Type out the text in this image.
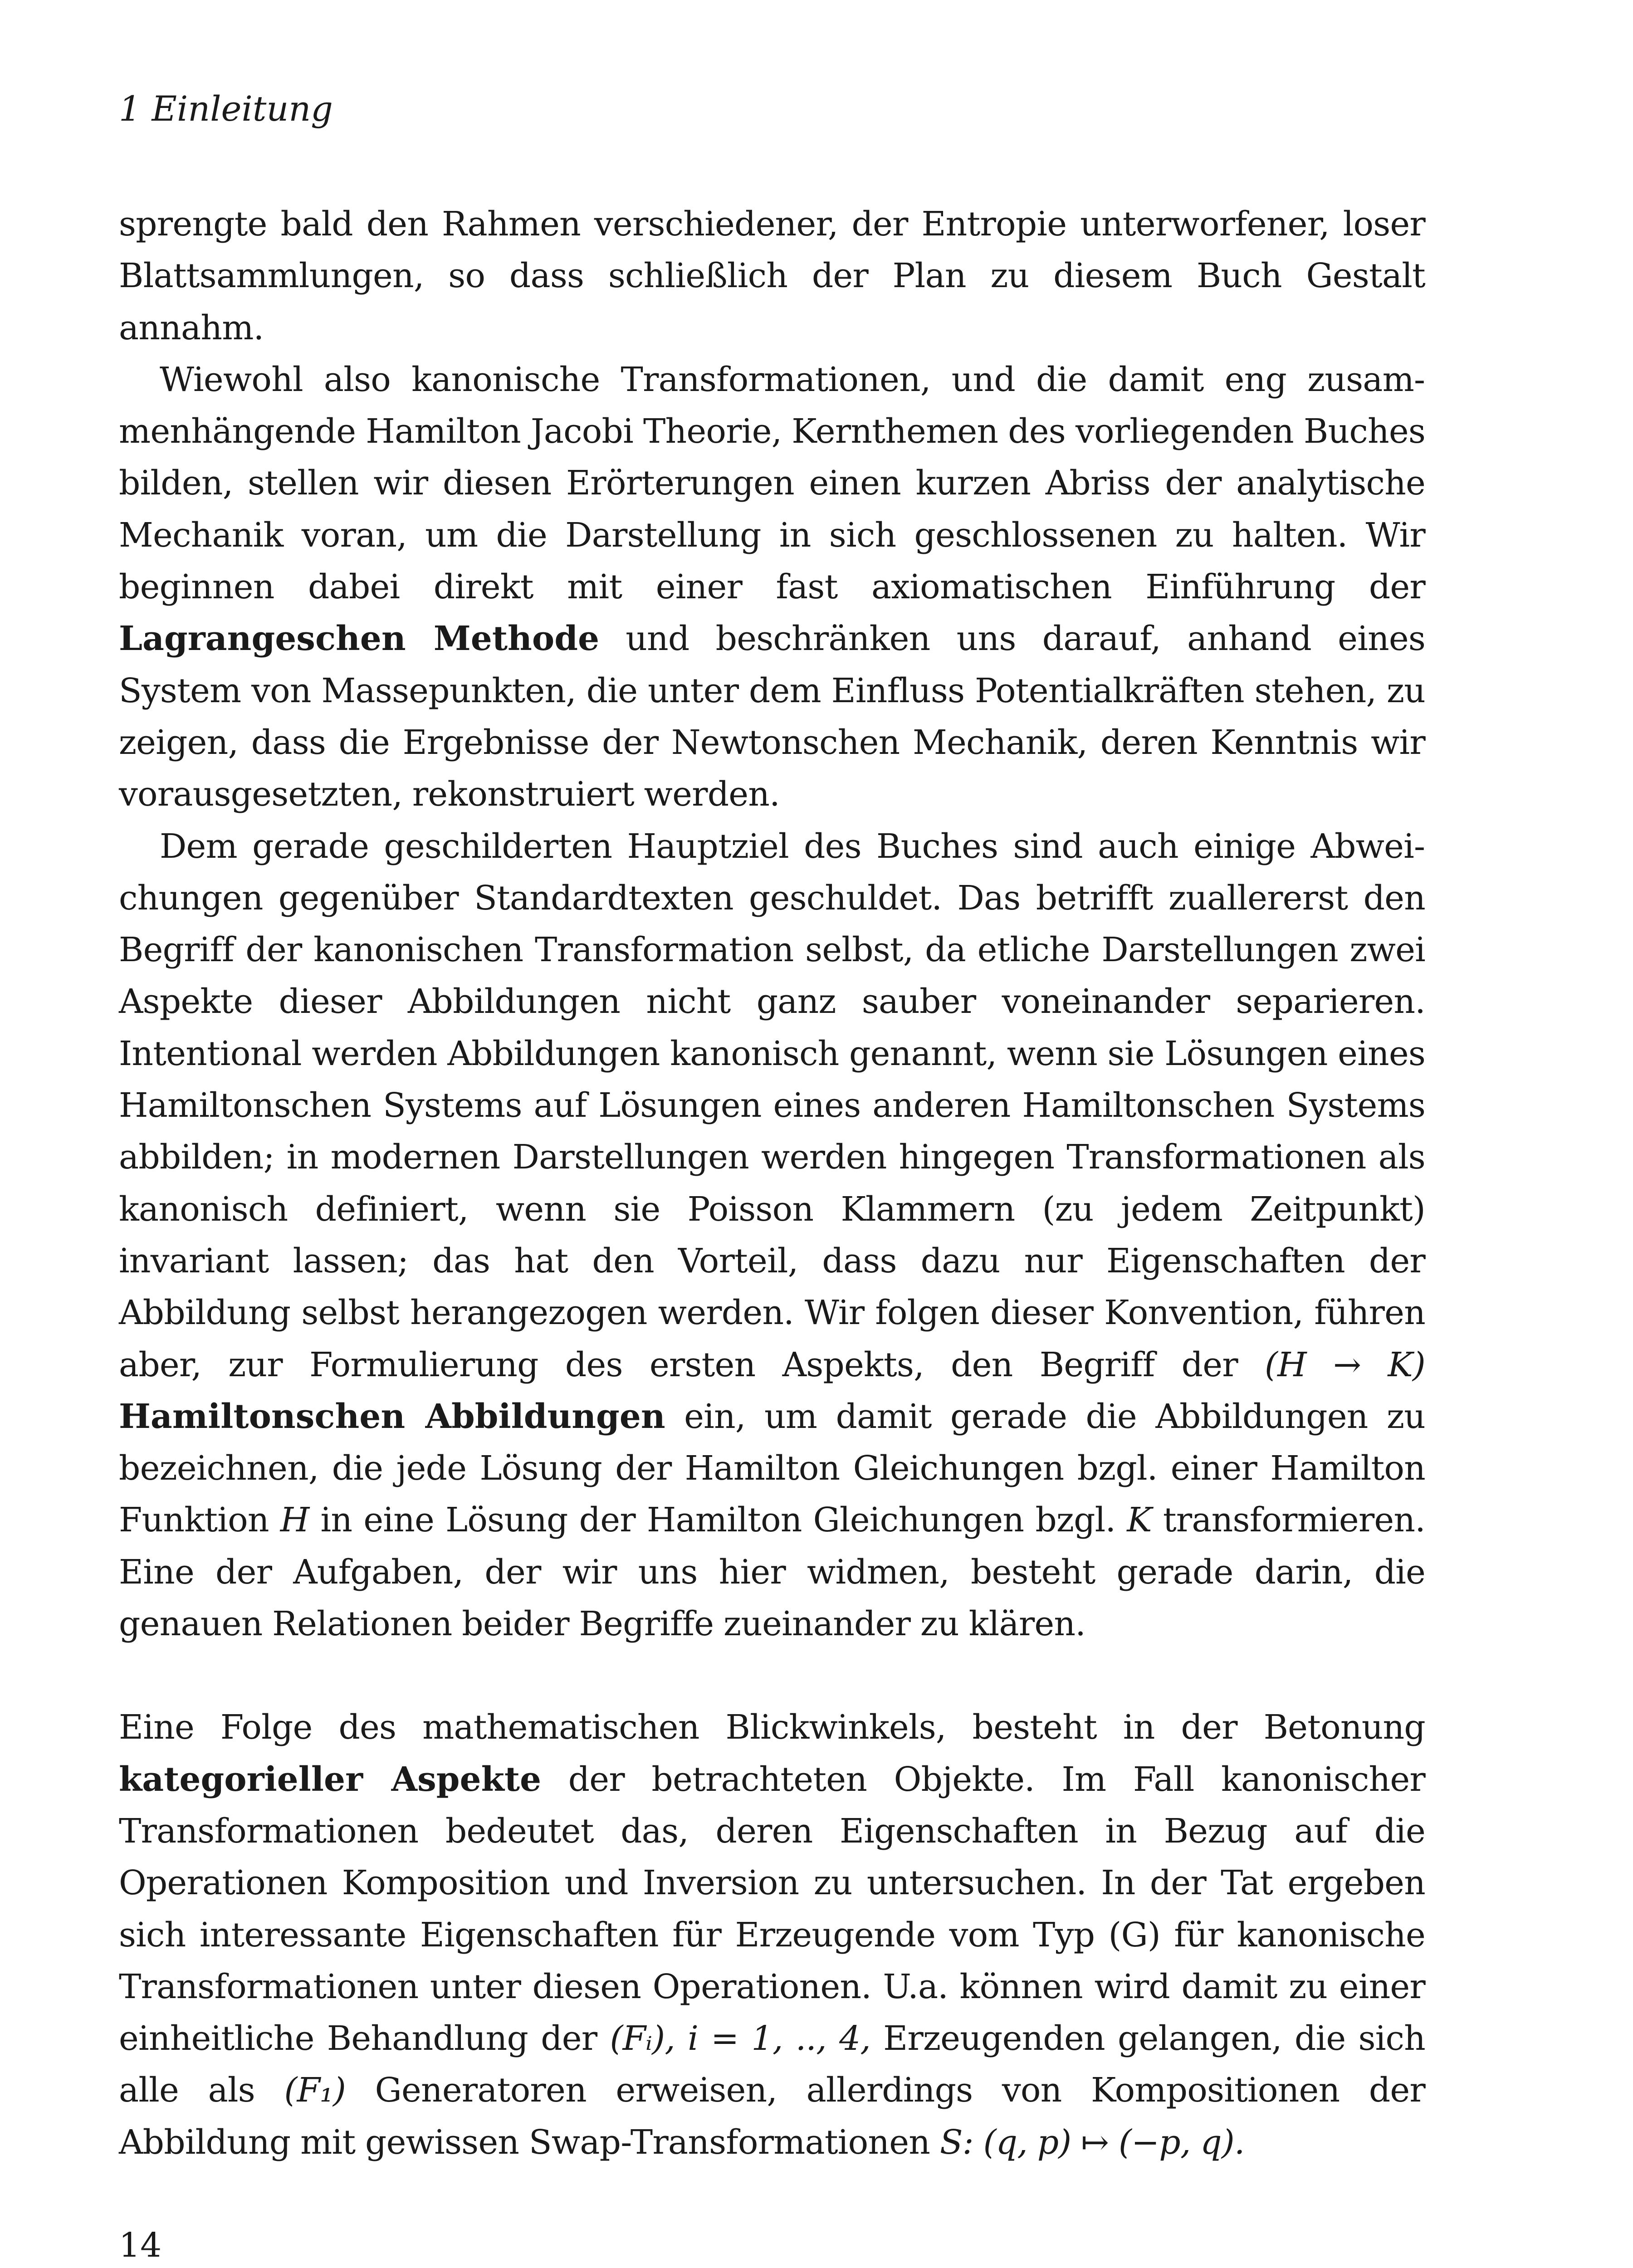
1 Einleitung

sprengte bald den Rahmen verschiedener, der Entropie unterworfener, loser Blattsammlungen, so dass schließlich der Plan zu diesem Buch Gestalt annahm.

Wiewohl also kanonische Transformationen, und die damit eng zusammenhängende Hamilton Jacobi Theorie, Kernthemen des vorliegenden Buches bilden, stellen wir diesen Erörterungen einen kurzen Abriss der analytische Mechanik voran, um die Darstellung in sich geschlossenen zu halten. Wir beginnen dabei direkt mit einer fast axiomatischen Einführung der Lagrangeschen Methode und beschränken uns darauf, anhand eines System von Massepunkten, die unter dem Einfluss Potentialkräften stehen, zu zeigen, dass die Ergebnisse der Newtonschen Mechanik, deren Kenntnis wir vorausgesetzten, rekonstruiert werden.

Dem gerade geschilderten Hauptziel des Buches sind auch einige Abweichungen gegenüber Standardtexten geschuldet. Das betrifft zuallererst den Begriff der kanonischen Transformation selbst, da etliche Darstellungen zwei Aspekte dieser Abbildungen nicht ganz sauber voneinander separieren. Intentional werden Abbildungen kanonisch genannt, wenn sie Lösungen eines Hamiltonschen Systems auf Lösungen eines anderen Hamiltonschen Systems abbilden; in modernen Darstellungen werden hingegen Transformationen als kanonisch definiert, wenn sie Poisson Klammern (zu jedem Zeitpunkt) invariant lassen; das hat den Vorteil, dass dazu nur Eigenschaften der Abbildung selbst herangezogen werden. Wir folgen dieser Konvention, führen aber, zur Formulierung des ersten Aspekts, den Begriff der (H → K) Hamiltonschen Abbildungen ein, um damit gerade die Abbildungen zu bezeichnen, die jede Lösung der Hamilton Gleichungen bzgl. einer Hamilton Funktion H in eine Lösung der Hamilton Gleichungen bzgl. K transformieren. Eine der Aufgaben, der wir uns hier widmen, besteht gerade darin, die genauen Relationen beider Begriffe zueinander zu klären.

Eine Folge des mathematischen Blickwinkels, besteht in der Betonung kategorieller Aspekte der betrachteten Objekte. Im Fall kanonischer Transformationen bedeutet das, deren Eigenschaften in Bezug auf die Operationen Komposition und Inversion zu untersuchen. In der Tat ergeben sich interessante Eigenschaften für Erzeugende vom Typ (G) für kanonische Transformationen unter diesen Operationen. U.a. können wird damit zu einer einheitliche Behandlung der (Fᵢ), i = 1, .., 4, Erzeugenden gelangen, die sich alle als (F₁) Generatoren erweisen, allerdings von Kompositionen der Abbildung mit gewissen Swap-Transformationen S: (q, p) ↦ (−p, q).

14
